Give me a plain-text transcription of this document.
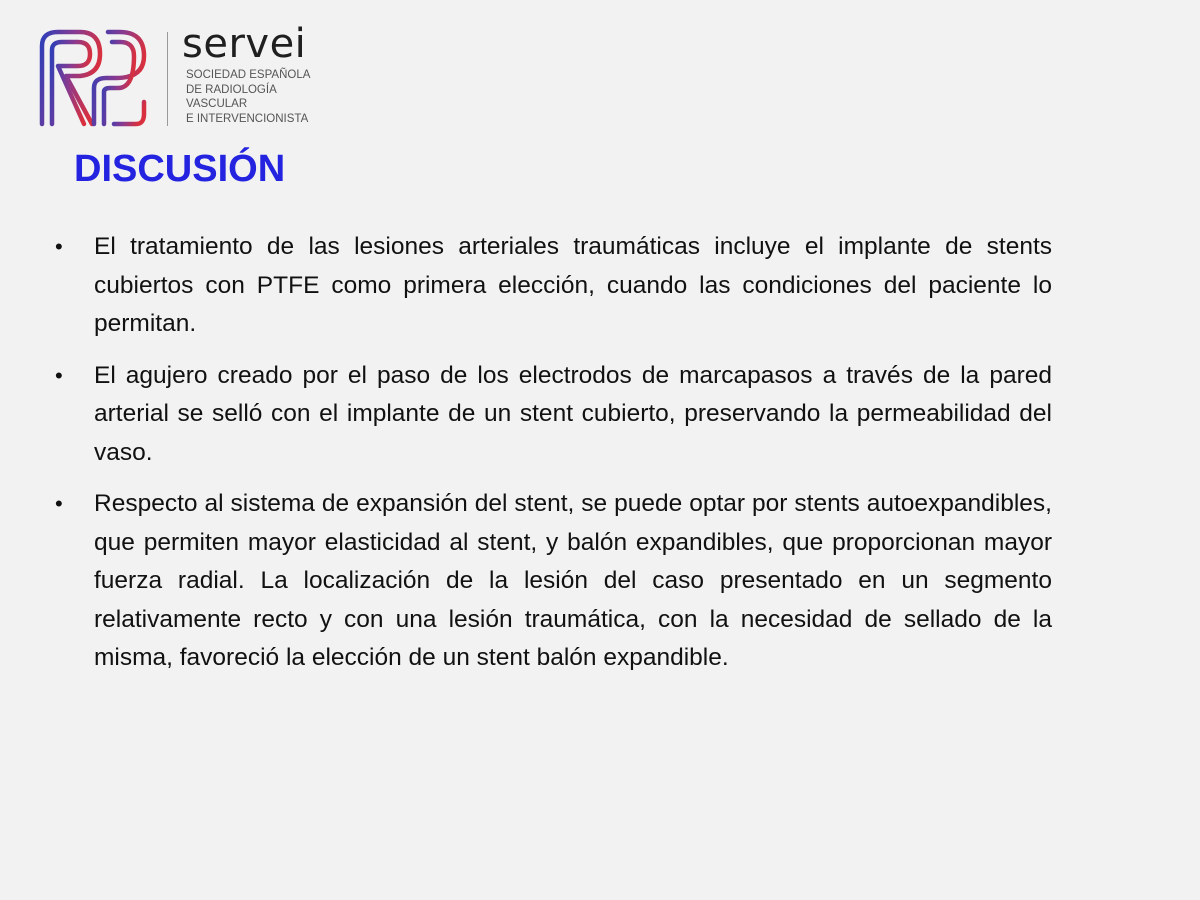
servei
SOCIEDAD ESPAÑOLA
DE RADIOLOGÍA
VASCULAR
E INTERVENCIONISTA
DISCUSIÓN
• El tratamiento de las lesiones arteriales traumáticas incluye el implante de stents cubiertos con PTFE como primera elección, cuando las condiciones del paciente lo permitan.
• El agujero creado por el paso de los electrodos de marcapasos a través de la pared arterial se selló con el implante de un stent cubierto, preservando la permeabilidad del vaso.
• Respecto al sistema de expansión del stent, se puede optar por stents autoexpandibles, que permiten mayor elasticidad al stent, y balón expandibles, que proporcionan mayor fuerza radial. La localización de la lesión del caso presentado en un segmento relativamente recto y con una lesión traumática, con la necesidad de sellado de la misma, favoreció la elección de un stent balón expandible.
